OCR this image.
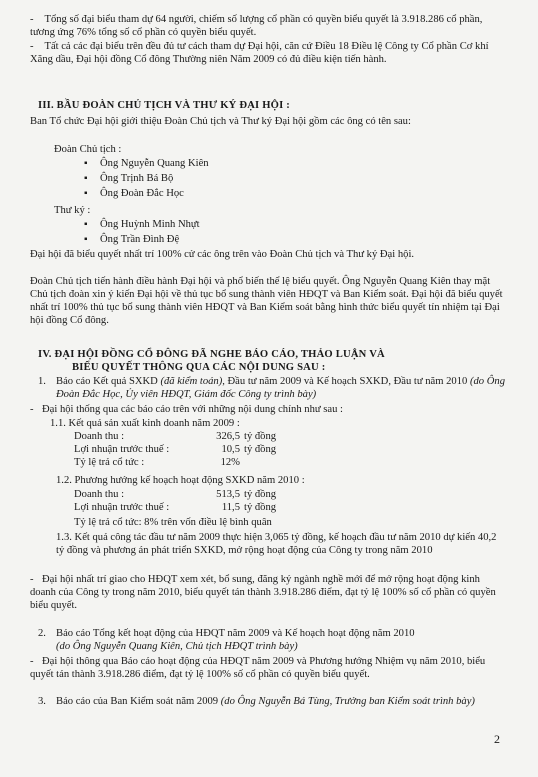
- Tổng số đại biểu tham dự 64 người, chiếm số lượng cổ phần có quyền biểu quyết là 3.918.286 cổ phần, tương ứng 76% tổng số cổ phần có quyền biểu quyết.
- Tất cả các đại biểu trên đều đủ tư cách tham dự Đại hội, căn cứ Điều 18 Điều lệ Công ty Cổ phần Cơ khí Xăng dầu, Đại hội đồng Cổ đông Thường niên Năm 2009 có đủ điều kiện tiến hành.
III. BẦU ĐOÀN CHỦ TỊCH VÀ THƯ KÝ ĐẠI HỘI :
Ban Tổ chức Đại hội giới thiệu Đoàn Chủ tịch và Thư ký Đại hội gồm các ông có tên sau:
Đoàn Chủ tịch :
▪ Ông Nguyễn Quang Kiên
▪ Ông Trịnh Bá Bộ
▪ Ông Đoàn Đắc Học
Thư ký :
▪ Ông Huỳnh Minh Nhựt
▪ Ông Trần Đình Đệ
Đại hội đã biểu quyết nhất trí 100% cử các ông trên vào Đoàn Chủ tịch và Thư ký Đại hội.
Đoàn Chủ tịch tiến hành điều hành Đại hội và phổ biến thể lệ biểu quyết. Ông Nguyễn Quang Kiên thay mặt Chủ tịch đoàn xin ý kiến Đại hội về thủ tục bổ sung thành viên HĐQT và Ban Kiểm soát. Đại hội đã biểu quyết nhất trí 100% thủ tục bổ sung thành viên HĐQT và Ban Kiểm soát bằng hình thức biểu quyết tín nhiệm tại Đại hội đồng Cổ đông.
IV. ĐẠI HỘI ĐỒNG CỔ ĐÔNG ĐÃ NGHE BÁO CÁO, THẢO LUẬN VÀ
BIỂU QUYẾT THÔNG QUA CÁC NỘI DUNG SAU :
1. Báo cáo Kết quả SXKD (đã kiểm toán), Đầu tư năm 2009 và Kế hoạch SXKD, Đầu tư năm 2010 (do Ông Đoàn Đắc Học, Ủy viên HĐQT, Giám đốc Công ty trình bày)
- Đại hội thống qua các báo cáo trên với những nội dung chính như sau :
1.1. Kết quả sản xuất kinh doanh năm 2009 :
Doanh thu :	326,5 tỷ đồng
Lợi nhuận trước thuế :	10,5 tỷ đồng
Tỷ lệ trả cổ tức :	12%
1.2. Phương hướng kế hoạch hoạt động SXKD năm 2010 :
Doanh thu :	513,5 tỷ đồng
Lợi nhuận trước thuế :	11,5 tỷ đồng
Tỷ lệ trả cổ tức: 8% trên vốn điều lệ bình quân
1.3. Kết quả công tác đầu tư năm 2009 thực hiện 3,065 tỷ đồng, kế hoạch đầu tư năm 2010 dự kiến 40,2 tỷ đồng và phương án phát triển SXKD, mở rộng hoạt động của Công ty trong năm 2010
- Đại hội nhất trí giao cho HĐQT xem xét, bổ sung, đăng ký ngành nghề mới để mở rộng hoạt động kinh doanh của Công ty trong năm 2010, biểu quyết tán thành 3.918.286 điểm, đạt tỷ lệ 100% số cổ phần có quyền biểu quyết.
2. Báo cáo Tổng kết hoạt động của HĐQT năm 2009 và Kế hoạch hoạt động năm 2010
(do Ông Nguyễn Quang Kiên, Chủ tịch HĐQT trình bày)
- Đại hội thông qua Báo cáo hoạt động của HĐQT năm 2009 và Phương hướng Nhiệm vụ năm 2010, biểu quyết tán thành 3.918.286 điểm, đạt tỷ lệ 100% số cổ phần có quyền biểu quyết.
3. Báo cáo của Ban Kiểm soát năm 2009 (do Ông Nguyễn Bá Tùng, Trưởng ban Kiểm soát trình bày)
2
